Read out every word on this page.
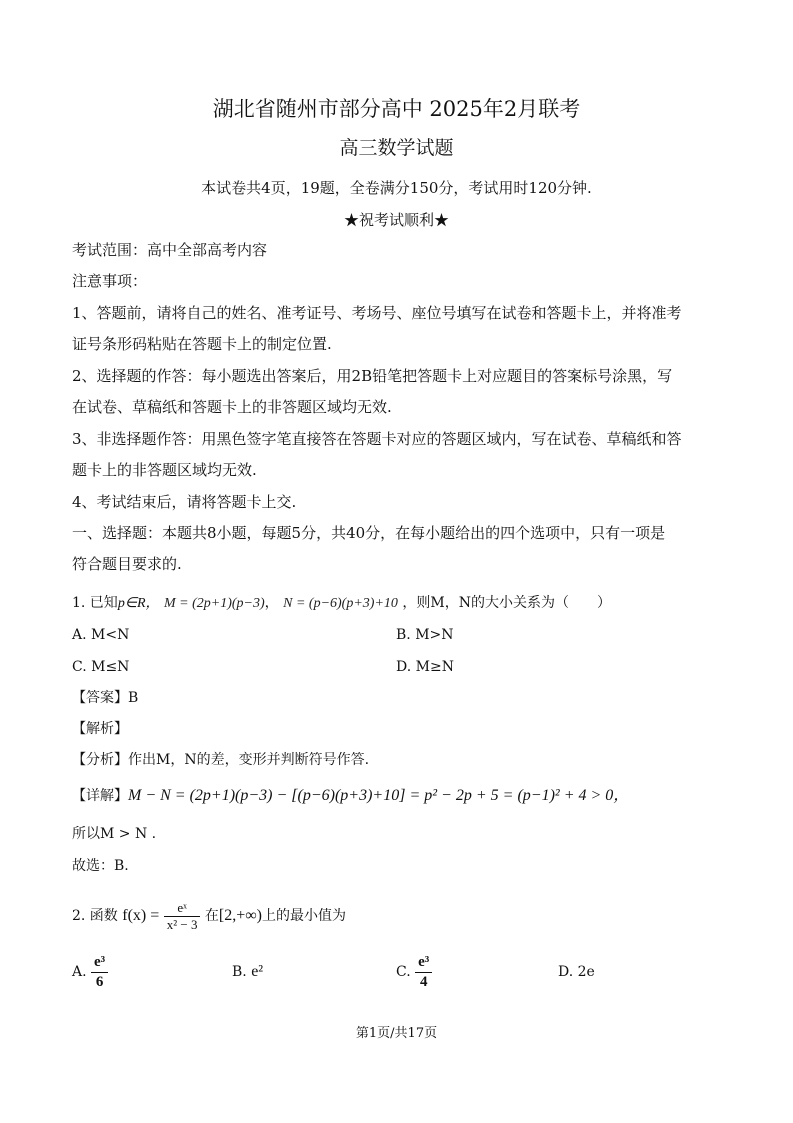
湖北省随州市部分高中 2025年2月联考
高三数学试题
本试卷共4页，19题，全卷满分150分，考试用时120分钟.
★祝考试顺利★
考试范围：高中全部高考内容
注意事项：
1、答题前，请将自己的姓名、准考证号、考场号、座位号填写在试卷和答题卡上，并将准考
证号条形码粘贴在答题卡上的制定位置.
2、选择题的作答：每小题选出答案后，用2B铅笔把答题卡上对应题目的答案标号涂黑，写
在试卷、草稿纸和答题卡上的非答题区域均无效.
3、非选择题作答：用黑色签字笔直接答在答题卡对应的答题区域内，写在试卷、草稿纸和答
题卡上的非答题区域均无效.
4、考试结束后，请将答题卡上交.
一、选择题：本题共8小题，每题5分，共40分，在每小题给出的四个选项中，只有一项是
符合题目要求的.
1. 已知p∈R， M = (2p+1)(p−3)， N = (p−6)(p+3)+10 ，则M，N的大小关系为（　　）
A. M<N	B. M>N
C. M≤N	D. M≥N
【答案】B
【解析】
【分析】作出M，N的差，变形并判断符号作答.
【详解】M − N = (2p+1)(p−3) − [(p−6)(p+3)+10] = p² − 2p + 5 = (p−1)² + 4 > 0，
所以M > N .
故选：B.
2. 函数 $f(x) = \frac{\text{eˣ}}{\text{x² − 3}}$ 在[2,+∞)上的最小值为
A. $\frac{\text{e³}}{6}$	B. e²	C. $\frac{\text{e³}}{4}$	D. 2e
第1页/共17页
